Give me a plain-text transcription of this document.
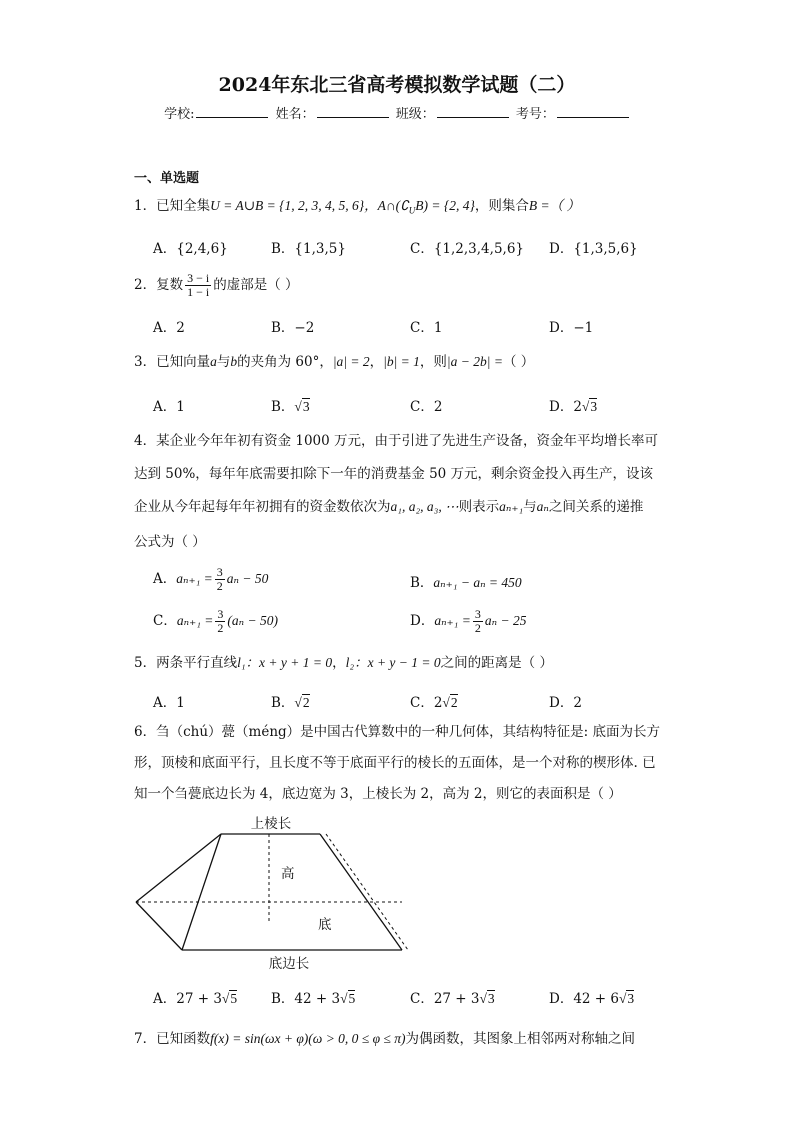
2024年东北三省高考模拟数学试题（二）
学校:	姓名：	班级：	考号：
一、单选题
1．已知全集U = A∪B = {1, 2, 3, 4, 5, 6}，$A\cap(∁_UB) = \{2$, 4}，则集合B =（ ）
A．{2,4,6}	B．{1,3,5}	C．{1,2,3,4,5,6} D．{1,3,5,6}
2．复数 $\frac{3 - i}{1 - i}$ 的虚部是（ ）
A．2	B．−2	C．1	D．−1
3．已知向量a与b的夹角为 60°，|a| = 2，|b| = 1，则|a − 2b| =（ ）
A．1	B．√3	C．2	D．2√3
4．某企业今年年初有资金 1000 万元，由于引进了先进生产设备，资金年平均增长率可
达到 50%，每年年底需要扣除下一年的消费基金 50 万元，剩余资金投入再生产，设该
企业从今年起每年年初拥有的资金数依次为a₁, a₂, a₃, ⋯则表示aₙ₊₁与aₙ之间关系的递推
公式为（ ）
A．$a_{n+1} = \frac{3}{2}$ aₙ − 50	B．aₙ₊₁ − aₙ = 450
C．$a_{n+1} = \frac{3}{2} (a_n - 50)$	D．$a_{n+1} = \frac{3}{2}$ aₙ − 25
5．两条平行直线l₁：x + y + 1 = 0，l₂：x + y − 1 = 0之间的距离是（ ）
A．1	B．√2	C．2√2	D．2
6．刍（chú）甍（méng）是中国古代算数中的一种几何体，其结构特征是: 底面为长方
形，顶棱和底面平行，且长度不等于底面平行的棱长的五面体，是一个对称的楔形体. 已
知一个刍甍底边长为 4，底边宽为 3，上棱长为 2，高为 2，则它的表面积是（ ）
上棱长
高
底
底边长
A．27 + 3√5	B．42 + 3√5	C．27 + 3√3	D．42 + 6√3
7．已知函数f(x) = sin(ωx + φ)(ω > 0, 0 ≤ φ ≤ π)为偶函数，其图象上相邻两对称轴之间
